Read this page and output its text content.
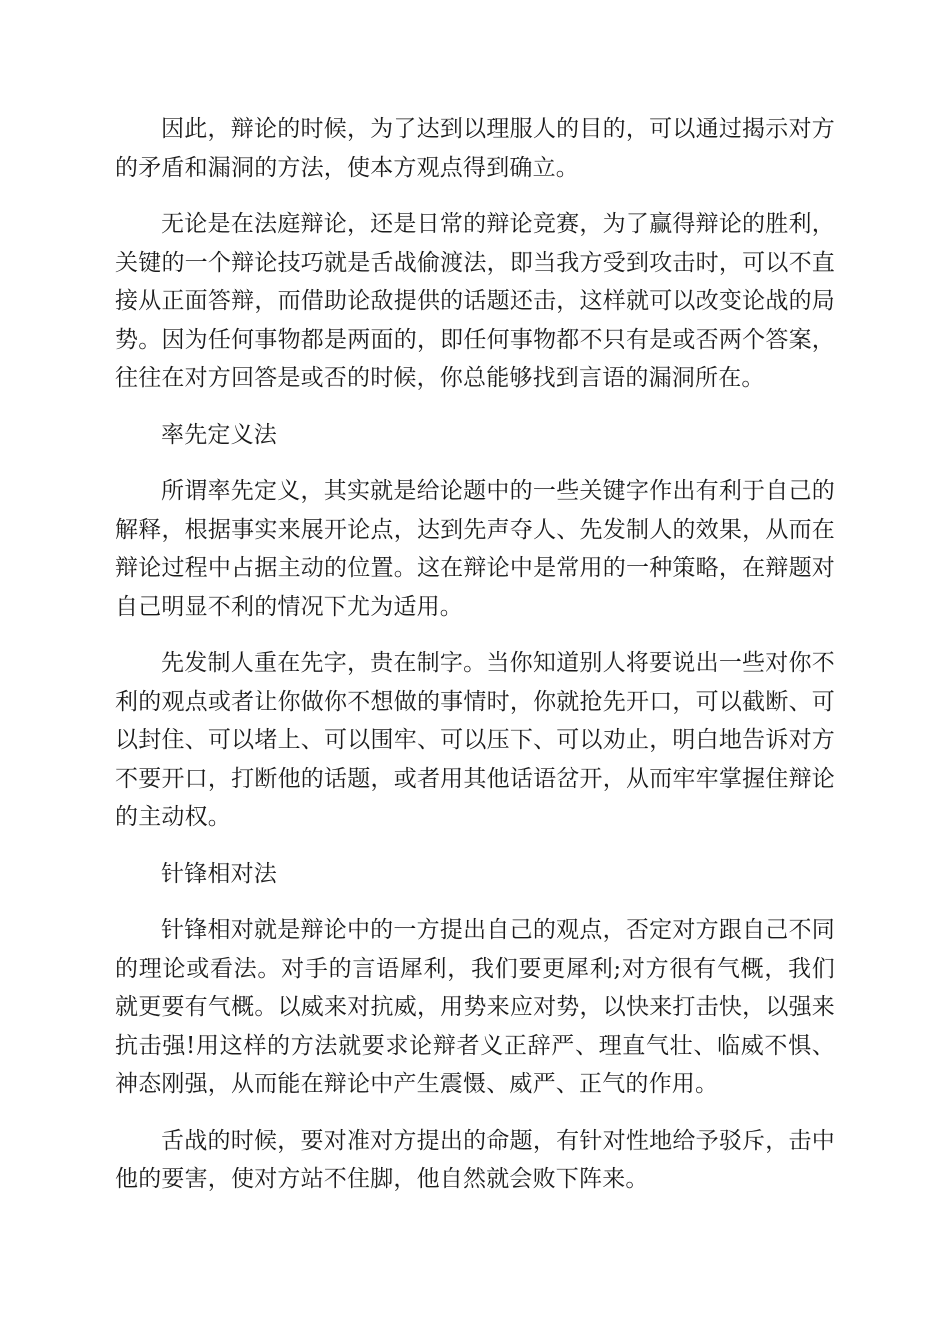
因此，辩论的时候，为了达到以理服人的目的，可以通过揭示对方的矛盾和漏洞的方法，使本方观点得到确立。

无论是在法庭辩论，还是日常的辩论竞赛，为了赢得辩论的胜利，关键的一个辩论技巧就是舌战偷渡法，即当我方受到攻击时，可以不直接从正面答辩，而借助论敌提供的话题还击，这样就可以改变论战的局势。因为任何事物都是两面的，即任何事物都不只有是或否两个答案，往往在对方回答是或否的时候，你总能够找到言语的漏洞所在。

率先定义法

所谓率先定义，其实就是给论题中的一些关键字作出有利于自己的解释，根据事实来展开论点，达到先声夺人、先发制人的效果，从而在辩论过程中占据主动的位置。这在辩论中是常用的一种策略，在辩题对自己明显不利的情况下尤为适用。

先发制人重在先字，贵在制字。当你知道别人将要说出一些对你不利的观点或者让你做你不想做的事情时，你就抢先开口，可以截断、可以封住、可以堵上、可以围牢、可以压下、可以劝止，明白地告诉对方不要开口，打断他的话题，或者用其他话语岔开，从而牢牢掌握住辩论的主动权。

针锋相对法

针锋相对就是辩论中的一方提出自己的观点，否定对方跟自己不同的理论或看法。对手的言语犀利，我们要更犀利;对方很有气概，我们就更要有气概。以威来对抗威，用势来应对势，以快来打击快，以强来抗击强!用这样的方法就要求论辩者义正辞严、理直气壮、临威不惧、神态刚强，从而能在辩论中产生震慑、威严、正气的作用。

舌战的时候，要对准对方提出的命题，有针对性地给予驳斥，击中他的要害，使对方站不住脚，他自然就会败下阵来。
